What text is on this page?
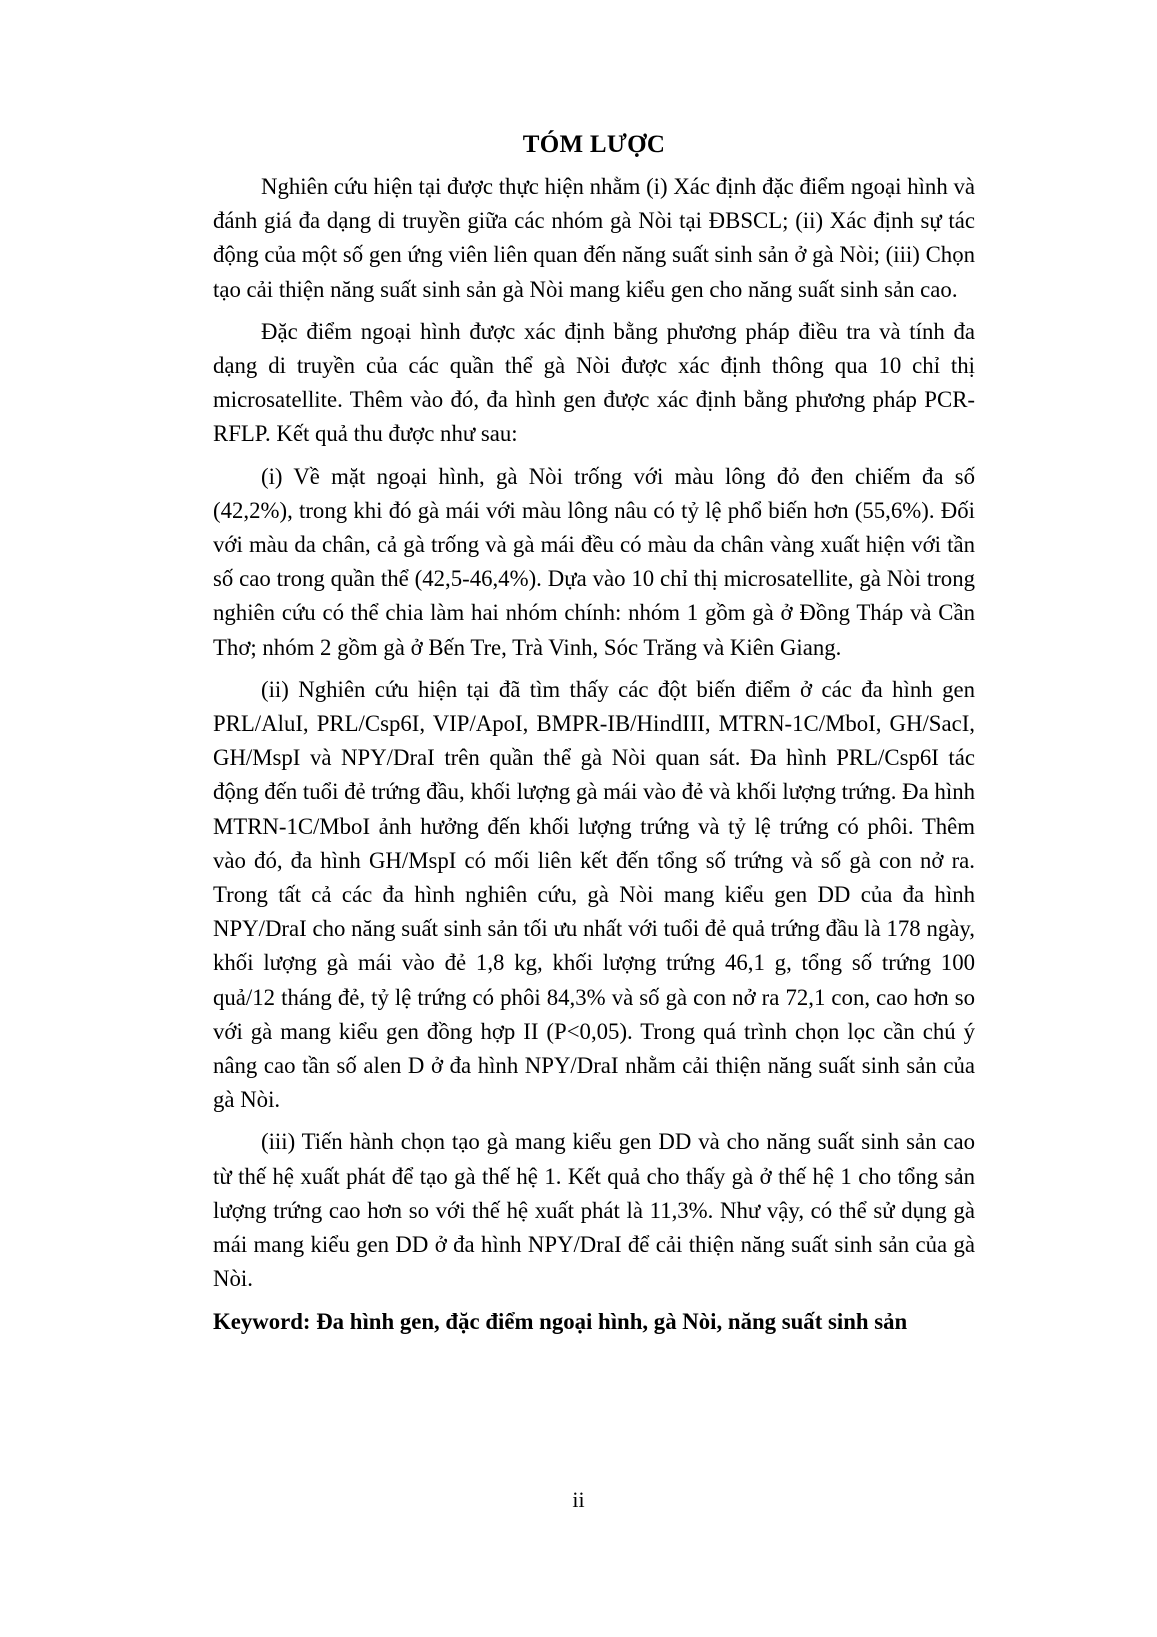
TÓM LƯỢC

Nghiên cứu hiện tại được thực hiện nhằm (i) Xác định đặc điểm ngoại hình và đánh giá đa dạng di truyền giữa các nhóm gà Nòi tại ĐBSCL; (ii) Xác định sự tác động của một số gen ứng viên liên quan đến năng suất sinh sản ở gà Nòi; (iii) Chọn tạo cải thiện năng suất sinh sản gà Nòi mang kiểu gen cho năng suất sinh sản cao.

Đặc điểm ngoại hình được xác định bằng phương pháp điều tra và tính đa dạng di truyền của các quần thể gà Nòi được xác định thông qua 10 chỉ thị microsatellite. Thêm vào đó, đa hình gen được xác định bằng phương pháp PCR-RFLP. Kết quả thu được như sau:

(i) Về mặt ngoại hình, gà Nòi trống với màu lông đỏ đen chiếm đa số (42,2%), trong khi đó gà mái với màu lông nâu có tỷ lệ phổ biến hơn (55,6%). Đối với màu da chân, cả gà trống và gà mái đều có màu da chân vàng xuất hiện với tần số cao trong quần thể (42,5-46,4%). Dựa vào 10 chỉ thị microsatellite, gà Nòi trong nghiên cứu có thể chia làm hai nhóm chính: nhóm 1 gồm gà ở Đồng Tháp và Cần Thơ; nhóm 2 gồm gà ở Bến Tre, Trà Vinh, Sóc Trăng và Kiên Giang.

(ii) Nghiên cứu hiện tại đã tìm thấy các đột biến điểm ở các đa hình gen PRL/AluI, PRL/Csp6I, VIP/ApoI, BMPR-IB/HindIII, MTRN-1C/MboI, GH/SacI, GH/MspI và NPY/DraI trên quần thể gà Nòi quan sát. Đa hình PRL/Csp6I tác động đến tuổi đẻ trứng đầu, khối lượng gà mái vào đẻ và khối lượng trứng. Đa hình MTRN-1C/MboI ảnh hưởng đến khối lượng trứng và tỷ lệ trứng có phôi. Thêm vào đó, đa hình GH/MspI có mối liên kết đến tổng số trứng và số gà con nở ra. Trong tất cả các đa hình nghiên cứu, gà Nòi mang kiểu gen DD của đa hình NPY/DraI cho năng suất sinh sản tối ưu nhất với tuổi đẻ quả trứng đầu là 178 ngày, khối lượng gà mái vào đẻ 1,8 kg, khối lượng trứng 46,1 g, tổng số trứng 100 quả/12 tháng đẻ, tỷ lệ trứng có phôi 84,3% và số gà con nở ra 72,1 con, cao hơn so với gà mang kiểu gen đồng hợp II (P<0,05). Trong quá trình chọn lọc cần chú ý nâng cao tần số alen D ở đa hình NPY/DraI nhằm cải thiện năng suất sinh sản của gà Nòi.

(iii) Tiến hành chọn tạo gà mang kiểu gen DD và cho năng suất sinh sản cao từ thế hệ xuất phát để tạo gà thế hệ 1. Kết quả cho thấy gà ở thế hệ 1 cho tổng sản lượng trứng cao hơn so với thế hệ xuất phát là 11,3%. Như vậy, có thể sử dụng gà mái mang kiểu gen DD ở đa hình NPY/DraI để cải thiện năng suất sinh sản của gà Nòi.

Keyword: Đa hình gen, đặc điểm ngoại hình, gà Nòi, năng suất sinh sản

ii
